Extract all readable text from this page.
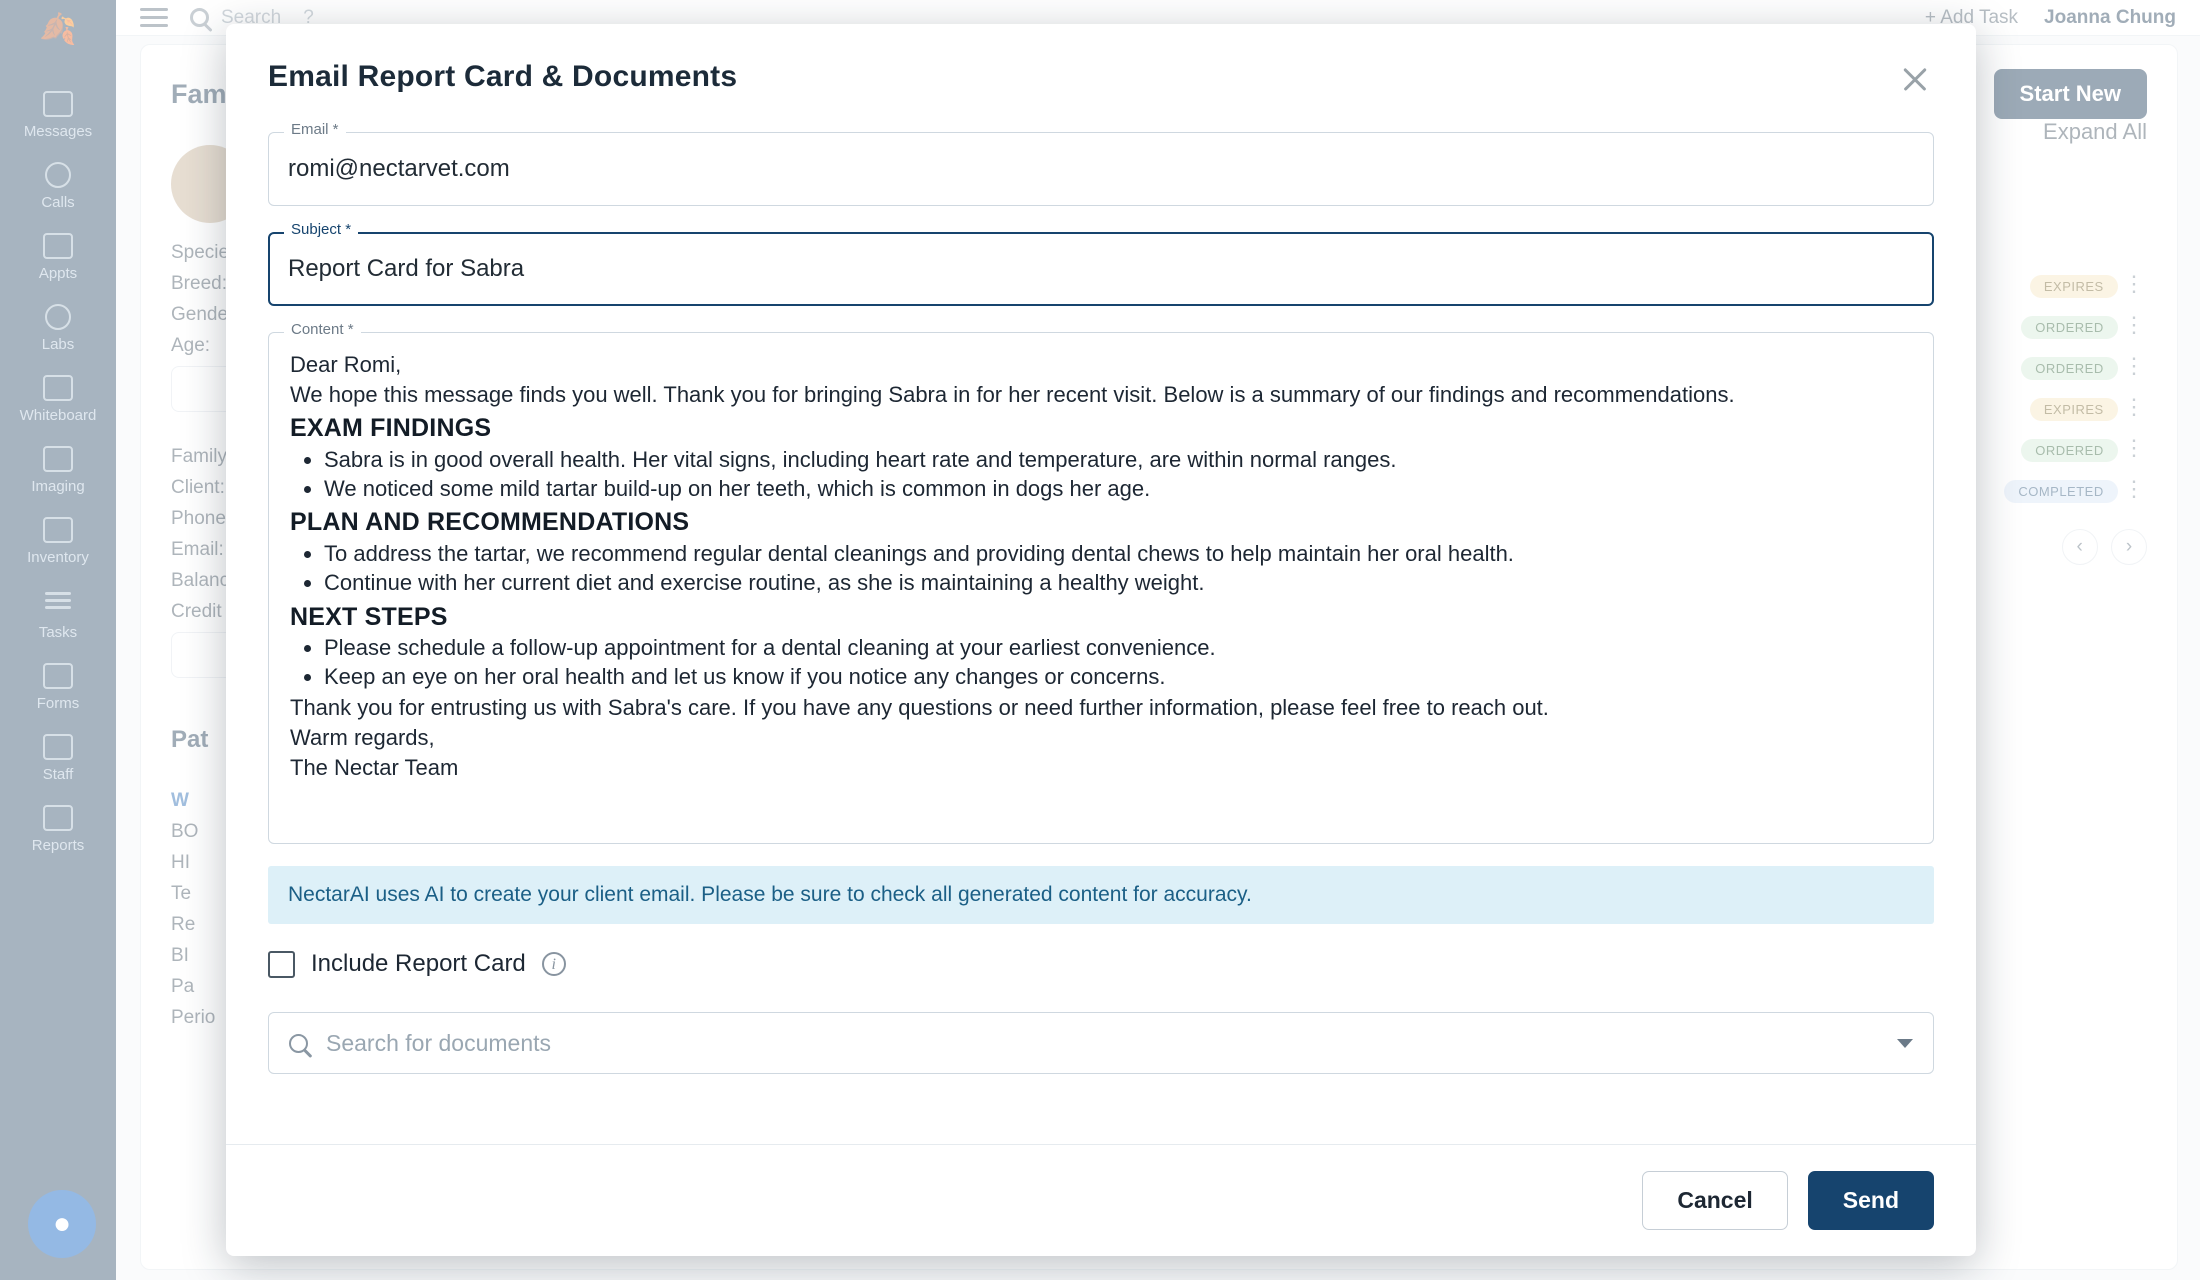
Email Report Card & Documents
Email *
romi@nectarvet.com
Subject *
Report Card for Sabra
Content *

Dear Romi,

We hope this message finds you well. Thank you for bringing Sabra in for her recent visit. Below is a summary of our findings and recommendations.

EXAM FINDINGS
• Sabra is in good overall health. Her vital signs, including heart rate and temperature, are within normal ranges.
• We noticed some mild tartar build-up on her teeth, which is common in dogs her age.
PLAN AND RECOMMENDATIONS
• To address the tartar, we recommend regular dental cleanings and providing dental chews to help maintain her oral health.
• Continue with her current diet and exercise routine, as she is maintaining a healthy weight.
NEXT STEPS
• Please schedule a follow-up appointment for a dental cleaning at your earliest convenience.
• Keep an eye on her oral health and let us know if you notice any changes or concerns.

Thank you for entrusting us with Sabra's care. If you have any questions or need further information, please feel free to reach out.

Warm regards,

The Nectar Team

NectarAI uses AI to create your client email. Please be sure to check all generated content for accuracy.
Include Report Card	i
Search for documents
Cancel	Send
